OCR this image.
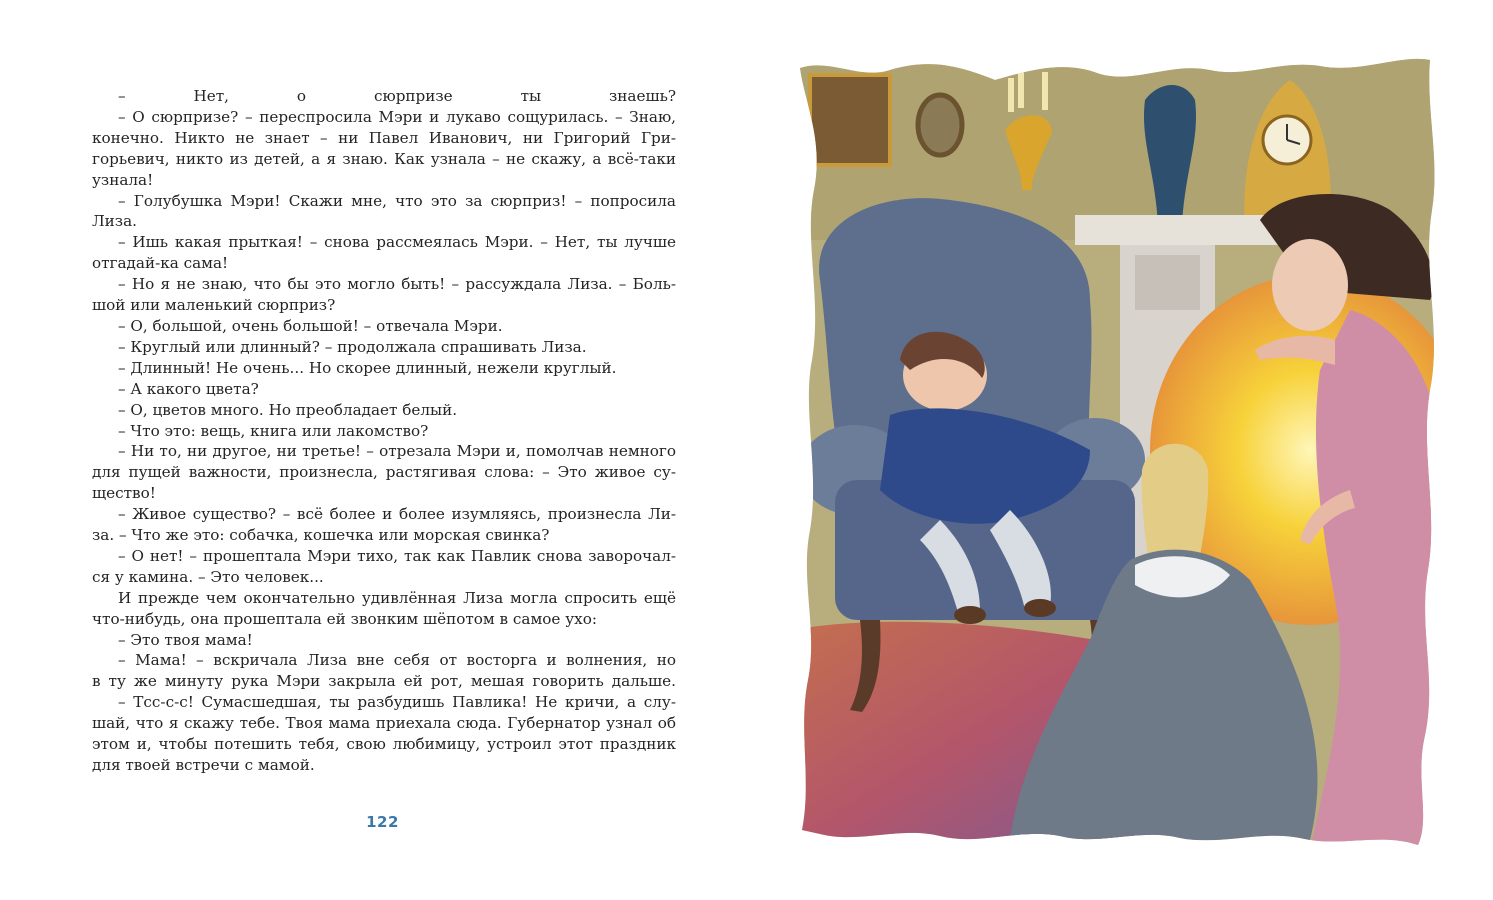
– Нет, о сюрпризе ты знаешь?

– О сюрпризе? – переспросила Мэри и лукаво сощурилась. – Знаю,

конечно. Никто не знает – ни Павел Иванович, ни Григорий Гри-

горьевич, никто из детей, а я знаю. Как узнала – не скажу, а всё-таки

узнала!

– Голубушка Мэри! Скажи мне, что это за сюрприз! – попросила

Лиза.

– Ишь какая прыткая! – снова рассмеялась Мэри. – Нет, ты лучше

отгадай-ка сама!

– Но я не знаю, что бы это могло быть! – рассуждала Лиза. – Боль-

шой или маленький сюрприз?

– О, большой, очень большой! – отвечала Мэри.

– Круглый или длинный? – продолжала спрашивать Лиза.

– Длинный! Не очень... Но скорее длинный, нежели круглый.

– А какого цвета?

– О, цветов много. Но преобладает белый.

– Что это: вещь, книга или лакомство?

– Ни то, ни другое, ни третье! – отрезала Мэри и, помолчав немного

для пущей важности, произнесла, растягивая слова: – Это живое су-

щество!

– Живое существо? – всё более и более изумляясь, произнесла Ли-

за. – Что же это: собачка, кошечка или морская свинка?

– О нет! – прошептала Мэри тихо, так как Павлик снова заворочал-

ся у камина. – Это человек...

И прежде чем окончательно удивлённая Лиза могла спросить ещё

что-нибудь, она прошептала ей звонким шёпотом в самое ухо:

– Это твоя мама!

– Мама! – вскричала Лиза вне себя от восторга и волнения, но

в ту же минуту рука Мэри закрыла ей рот, мешая говорить дальше.

– Тсс-с-с! Сумасшедшая, ты разбудишь Павлика! Не кричи, а слу-

шай, что я скажу тебе. Твоя мама приехала сюда. Губернатор узнал об

этом и, чтобы потешить тебя, свою любимицу, устроил этот праздник

для твоей встречи с мамой.

122
